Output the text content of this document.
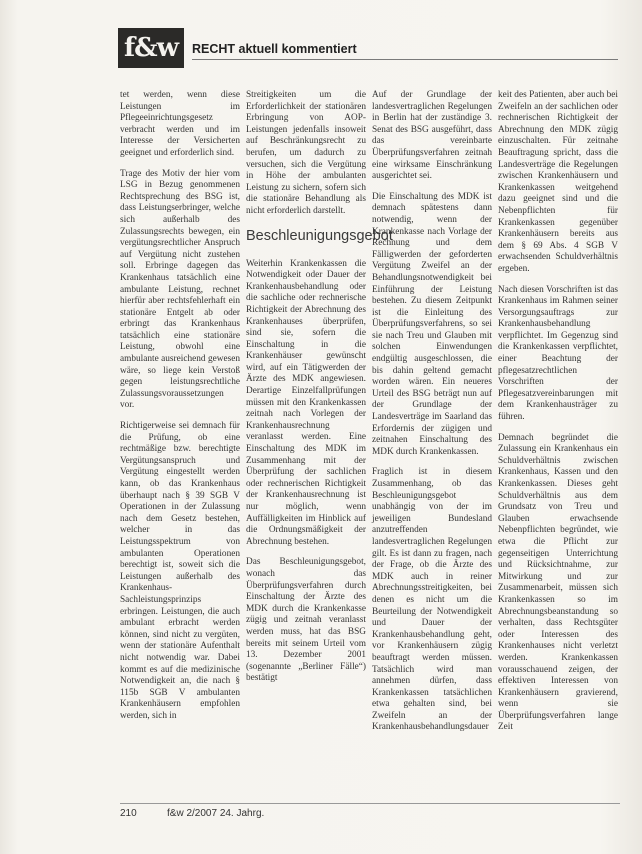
f&w	RECHT aktuell kommentiert

tet werden, wenn diese Leistungen im Pflegeeinrichtungsgesetz verbracht werden und im Interesse der Versicherten geeignet und erforderlich sind.

Trage des Motiv der hier vom LSG in Bezug genommenen Rechtsprechung des BSG ist, dass Leistungserbringer, welche sich außerhalb des Zulassungsrechts bewegen, ein vergütungsrechtlicher Anspruch auf Vergütung nicht zustehen soll. Erbringe dagegen das Krankenhaus tatsächlich eine ambulante Leistung, rechnet hierfür aber rechtsfehlerhaft ein stationäre Entgelt ab oder erbringt das Krankenhaus tatsächlich eine stationäre Leistung, obwohl eine ambulante ausreichend gewesen wäre, so liege kein Verstoß gegen leistungsrechtliche Zulassungsvoraussetzungen vor.

Richtigerweise sei demnach für die Prüfung, ob eine rechtmäßige bzw. berechtigte Vergütungsanspruch und Vergütung eingestellt werden kann, ob das Krankenhaus überhaupt nach § 39 SGB V Operationen in der Zulassung nach dem Gesetz bestehen, welcher in das Leistungsspektrum von ambulanten Operationen berechtigt ist, soweit sich die Leistungen außerhalb des Krankenhaus-Sachleistungsprinzips erbringen. Leistungen, die auch ambulant erbracht werden können, sind nicht zu vergüten, wenn der stationäre Aufenthalt nicht notwendig war. Dabei kommt es auf die medizinische Notwendigkeit an, die nach § 115b SGB V ambulanten Krankenhäusern empfohlen werden, sich in

Streitigkeiten um die Erforderlichkeit der stationären Erbringung von AOP-Leistungen jedenfalls insoweit auf Beschränkungsrecht zu berufen, um dadurch zu versuchen, sich die Vergütung in Höhe der ambulanten Leistung zu sichern, sofern sich die stationäre Behandlung als nicht erforderlich darstellt.

Beschleunigungsgebot

Weiterhin Krankenkassen die Notwendigkeit oder Dauer der Krankenhausbehandlung oder die sachliche oder rechnerische Richtigkeit der Abrechnung des Krankenhauses überprüfen, sind sie, sofern die Einschaltung in die Krankenhäuser gewünscht wird, auf ein Tätigwerden der Ärzte des MDK angewiesen. Derartige Einzelfallprüfungen müssen mit den Krankenkassen zeitnah nach Vorlegen der Krankenhausrechnung veranlasst werden. Eine Einschaltung des MDK im Zusammenhang mit der Überprüfung der sachlichen oder rechnerischen Richtigkeit der Krankenhausrechnung ist nur möglich, wenn Auffälligkeiten im Hinblick auf die Ordnungsmäßigkeit der Abrechnung bestehen.

Das Beschleunigungsgebot, wonach das Überprüfungsverfahren durch Einschaltung der Ärzte des MDK durch die Krankenkasse zügig und zeitnah veranlasst werden muss, hat das BSG bereits mit seinem Urteil vom 13. Dezember 2001 (sogenannte „Berliner Fälle“) bestätigt

Auf der Grundlage der landesvertraglichen Regelungen in Berlin hat der zuständige 3. Senat des BSG ausgeführt, dass das vereinbarte Überprüfungsverfahren zeitnah eine wirksame Einschränkung ausgerichtet sei.

Die Einschaltung des MDK ist demnach spätestens dann notwendig, wenn der Krankenkasse nach Vorlage der Rechnung und dem Fälligwerden der geforderten Vergütung Zweifel an der Behandlungsnotwendigkeit bei Einführung der Leistung bestehen. Zu diesem Zeitpunkt ist die Einleitung des Überprüfungsverfahrens, so sei sie nach Treu und Glauben mit solchen Einwendungen endgültig ausgeschlossen, die bis dahin geltend gemacht worden wären. Ein neueres Urteil des BSG beträgt nun auf der Grundlage der Landesverträge im Saarland das Erfordernis der zügigen und zeitnahen Einschaltung des MDK durch Krankenkassen.

Fraglich ist in diesem Zusammenhang, ob das Beschleunigungsgebot unabhängig von der im jeweiligen Bundesland anzutreffenden landesvertraglichen Regelungen gilt. Es ist dann zu fragen, nach der Frage, ob die Ärzte des MDK auch in reiner Abrechnungsstreitigkeiten, bei denen es nicht um die Beurteilung der Notwendigkeit und Dauer der Krankenhausbehandlung geht, vor Krankenhäusern zügig beauftragt werden müssen. Tatsächlich wird man annehmen dürfen, dass Krankenkassen tatsächlichen etwa gehalten sind, bei Zweifeln an der Krankenhausbehandlungsdauer

keit des Patienten, aber auch bei Zweifeln an der sachlichen oder rechnerischen Richtigkeit der Abrechnung den MDK zügig einzuschalten. Für zeitnahe Beauftragung spricht, dass die Landesverträge die Regelungen zwischen Krankenhäusern und Krankenkassen weitgehend dazu geeignet sind und die Nebenpflichten für Krankenkassen gegenüber Krankenhäusern bereits aus dem § 69 Abs. 4 SGB V erwachsenden Schuldverhältnis ergeben.

Nach diesen Vorschriften ist das Krankenhaus im Rahmen seiner Versorgungsauftrags zur Krankenhausbehandlung verpflichtet. Im Gegenzug sind die Krankenkassen verpflichtet, einer Beachtung der pflegesatzrechtlichen Vorschriften der Pflegesatzvereinbarungen mit dem Krankenhausträger zu führen.

Demnach begründet die Zulassung ein Krankenhaus ein Schuldverhältnis zwischen Krankenhaus, Kassen und den Krankenkassen. Dieses geht Schuldverhältnis aus dem Grundsatz von Treu und Glauben erwachsende Nebenpflichten begründet, wie etwa die Pflicht zur gegenseitigen Unterrichtung und Rücksichtnahme, zur Mitwirkung und zur Zusammenarbeit, müssen sich Krankenkassen so im Abrechnungsbeanstandung so verhalten, dass Rechtsgüter oder Interessen des Krankenhauses nicht verletzt werden. Krankenkassen vorausschauend zeigen, der effektiven Interessen von Krankenhäusern gravierend, wenn sie Überprüfungsverfahren lange Zeit

210	f&w 2/2007 24. Jahrg.
